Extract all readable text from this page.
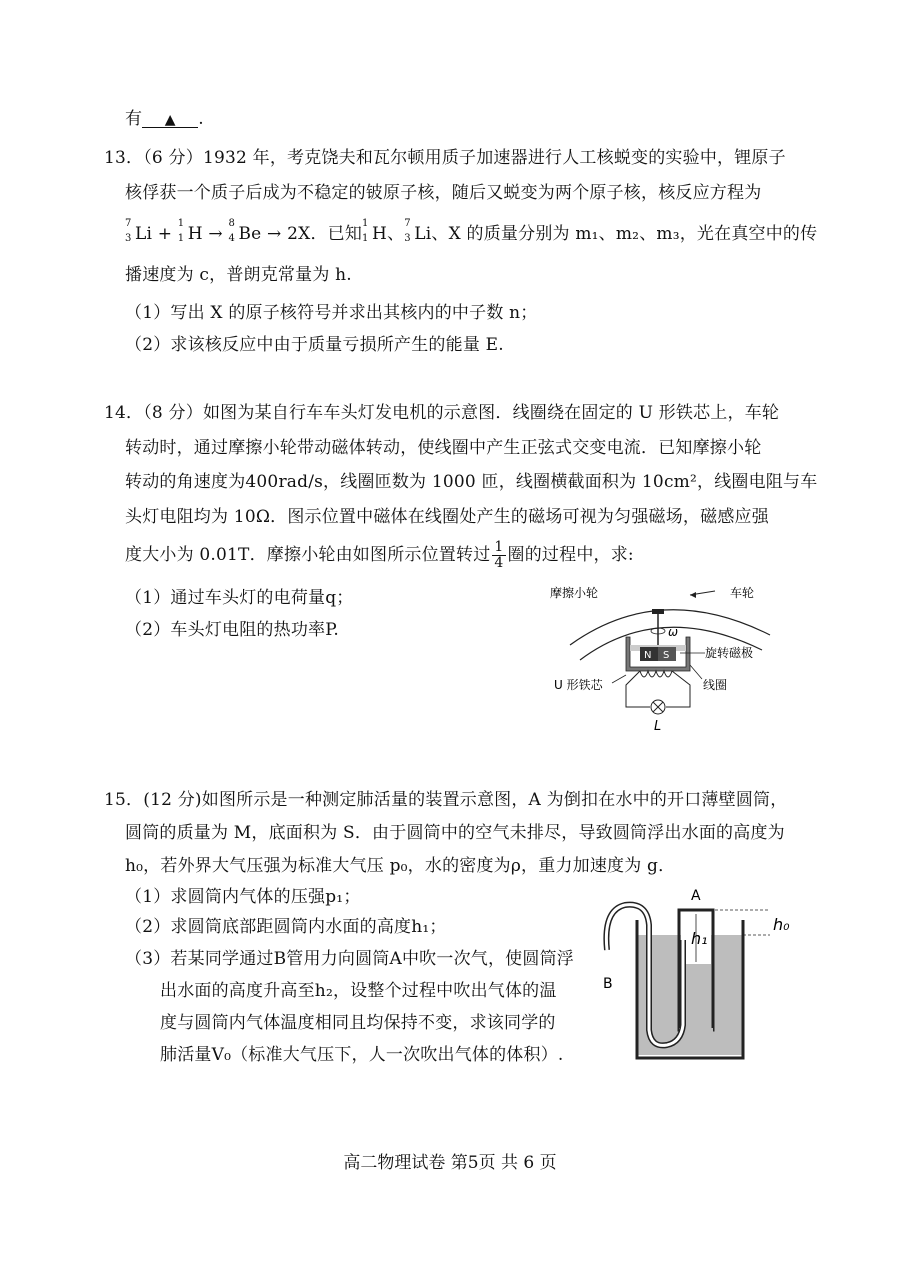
有 ▲ .
13．（6 分）1932 年，考克饶夫和瓦尔顿用质子加速器进行人工核蜕变的实验中，锂原子
核俘获一个质子后成为不稳定的铍原子核，随后又蜕变为两个原子核，核反应方程为
7
3 Li +
1
1 H →
8
4 Be → 2X．已知
1
1 H、
7
3 Li、X 的质量分别为 m₁、m₂、m₃，光在真空中的传
播速度为 c，普朗克常量为 h.
（1）写出 X 的原子核符号并求出其核内的中子数 n；
（2）求该核反应中由于质量亏损所产生的能量 E.
14．（8 分）如图为某自行车车头灯发电机的示意图．线圈绕在固定的 U 形铁芯上，车轮
转动时，通过摩擦小轮带动磁体转动，使线圈中产生正弦式交变电流．已知摩擦小轮
转动的角速度为400rad/s，线圈匝数为 1000 匝，线圈横截面积为 10cm²，线圈电阻与车
头灯电阻均为 10Ω．图示位置中磁体在线圈处产生的磁场可视为匀强磁场，磁感应强
度大小为 0.01T．摩擦小轮由如图所示位置转过 $\frac{1}{4}$ 圈的过程中，求:
（1）通过车头灯的电荷量q；
（2）车头灯电阻的热功率P.
摩擦小轮	车轮
ω
N S	旋转磁极
U 形铁芯	线圈
L
15．(12 分)如图所示是一种测定肺活量的装置示意图，A 为倒扣在水中的开口薄壁圆筒，
圆筒的质量为 M，底面积为 S．由于圆筒中的空气未排尽，导致圆筒浮出水面的高度为
h₀，若外界大气压强为标准大气压 p₀，水的密度为ρ，重力加速度为 g．
（1）求圆筒内气体的压强p₁；
（2）求圆筒底部距圆筒内水面的高度h₁；
（3）若某同学通过B管用力向圆筒A中吹一次气，使圆筒浮
出水面的高度升高至h₂，设整个过程中吹出气体的温
度与圆筒内气体温度相同且均保持不变，求该同学的
肺活量V₀（标准大气压下，人一次吹出气体的体积）.
A
B
h₀
h₁
高二物理试卷 第5页 共 6 页
